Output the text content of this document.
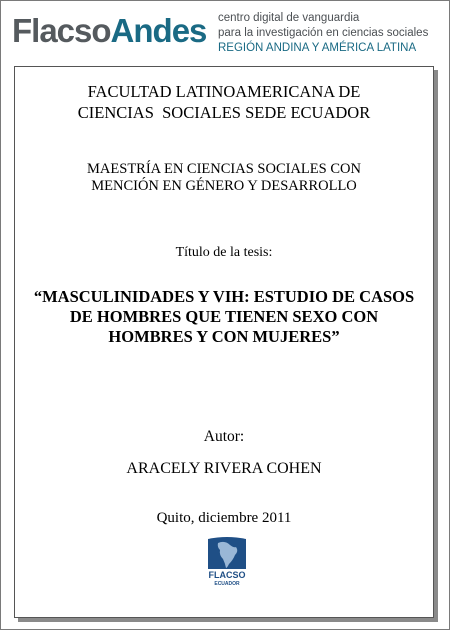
FlacsoAndes centro digital de vanguardia
para la investigación en ciencias sociales
REGIÓN ANDINA Y AMÉRICA LATINA
FACULTAD LATINOAMERICANA DE
CIENCIAS  SOCIALES SEDE ECUADOR
MAESTRÍA EN CIENCIAS SOCIALES CON
MENCIÓN EN GÉNERO Y DESARROLLO
Título de la tesis:
“MASCULINIDADES Y VIH: ESTUDIO DE CASOS
DE HOMBRES QUE TIENEN SEXO CON
HOMBRES Y CON MUJERES”
Autor:
ARACELY RIVERA COHEN
Quito, diciembre 2011
FLACSO
ECUADOR
